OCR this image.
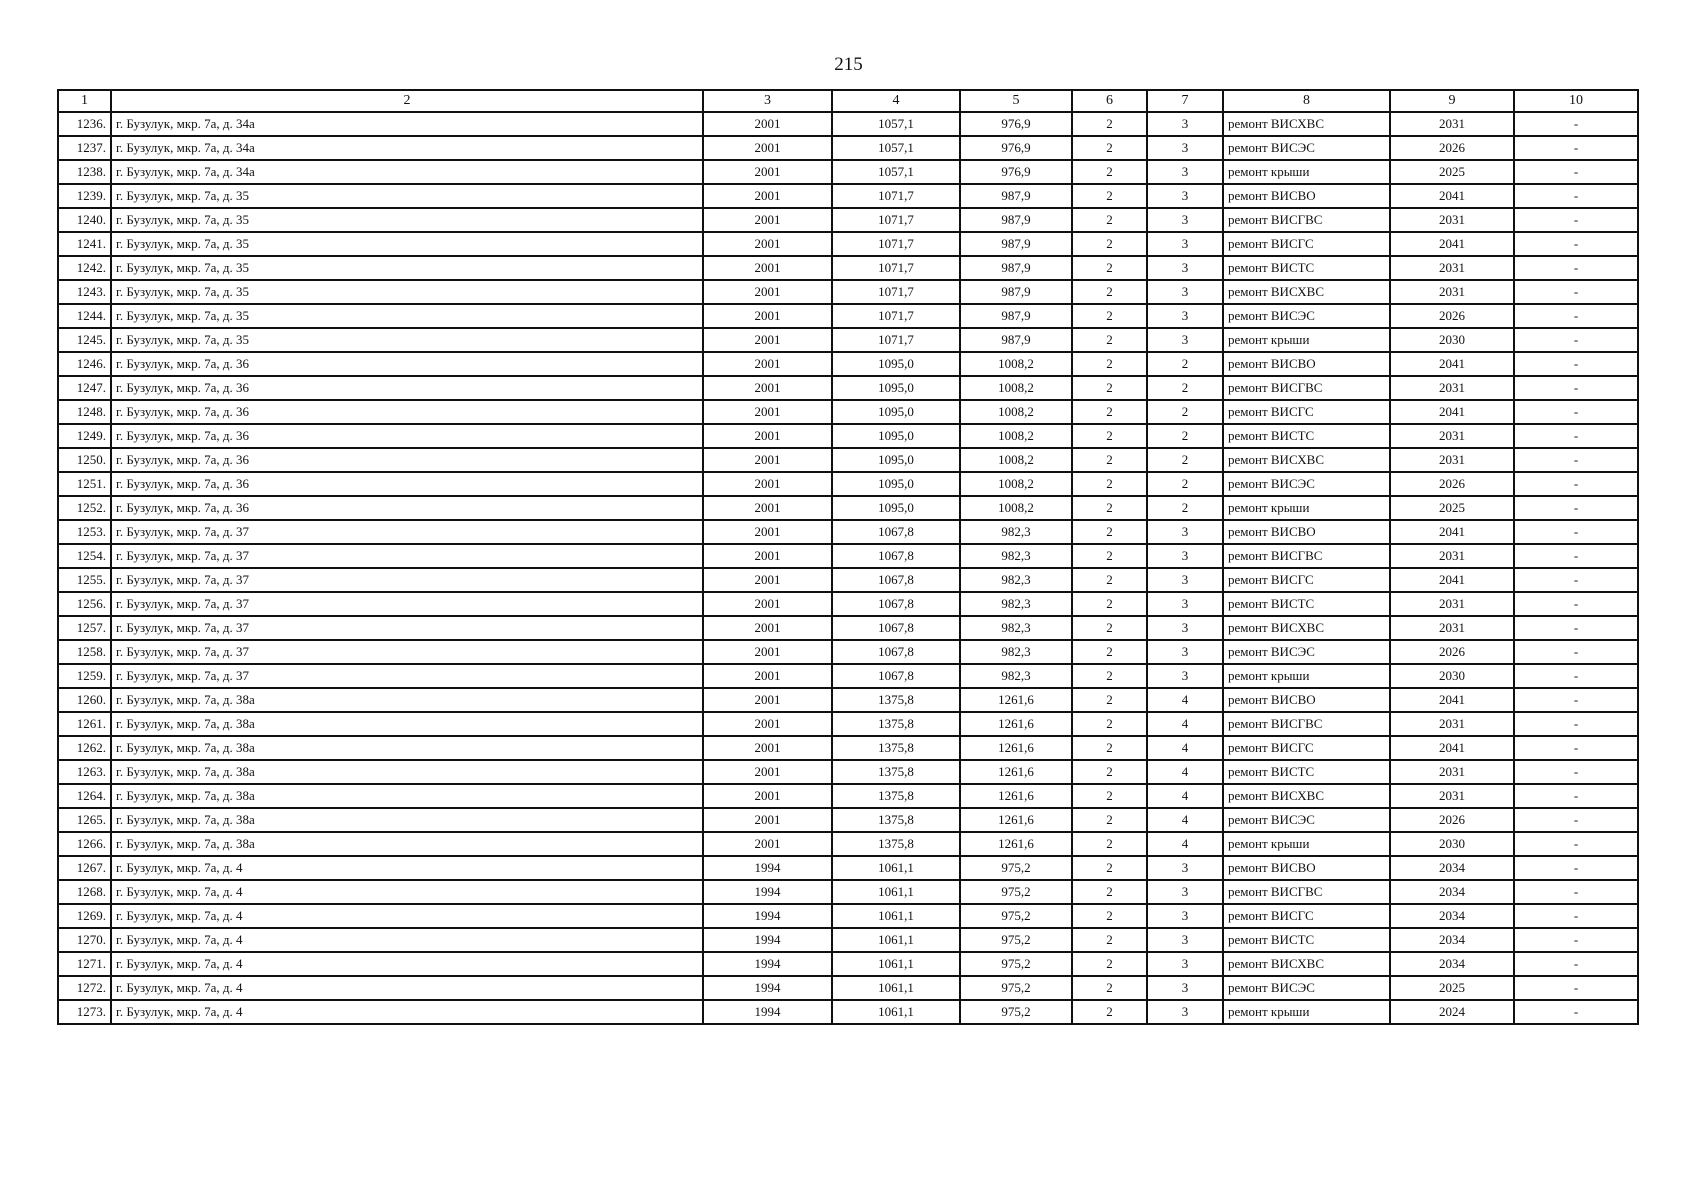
215
1	2	3	4	5	6	7	8	9	10
1236.	г. Бузулук, мкр. 7а, д. 34а	2001	1057,1	976,9	2	3	ремонт ВИСХВС	2031	-
1237.	г. Бузулук, мкр. 7а, д. 34а	2001	1057,1	976,9	2	3	ремонт ВИСЭС	2026	-
1238.	г. Бузулук, мкр. 7а, д. 34а	2001	1057,1	976,9	2	3	ремонт крыши	2025	-
1239.	г. Бузулук, мкр. 7а, д. 35	2001	1071,7	987,9	2	3	ремонт ВИСВО	2041	-
1240.	г. Бузулук, мкр. 7а, д. 35	2001	1071,7	987,9	2	3	ремонт ВИСГВС	2031	-
1241.	г. Бузулук, мкр. 7а, д. 35	2001	1071,7	987,9	2	3	ремонт ВИСГС	2041	-
1242.	г. Бузулук, мкр. 7а, д. 35	2001	1071,7	987,9	2	3	ремонт ВИСТС	2031	-
1243.	г. Бузулук, мкр. 7а, д. 35	2001	1071,7	987,9	2	3	ремонт ВИСХВС	2031	-
1244.	г. Бузулук, мкр. 7а, д. 35	2001	1071,7	987,9	2	3	ремонт ВИСЭС	2026	-
1245.	г. Бузулук, мкр. 7а, д. 35	2001	1071,7	987,9	2	3	ремонт крыши	2030	-
1246.	г. Бузулук, мкр. 7а, д. 36	2001	1095,0	1008,2	2	2	ремонт ВИСВО	2041	-
1247.	г. Бузулук, мкр. 7а, д. 36	2001	1095,0	1008,2	2	2	ремонт ВИСГВС	2031	-
1248.	г. Бузулук, мкр. 7а, д. 36	2001	1095,0	1008,2	2	2	ремонт ВИСГС	2041	-
1249.	г. Бузулук, мкр. 7а, д. 36	2001	1095,0	1008,2	2	2	ремонт ВИСТС	2031	-
1250.	г. Бузулук, мкр. 7а, д. 36	2001	1095,0	1008,2	2	2	ремонт ВИСХВС	2031	-
1251.	г. Бузулук, мкр. 7а, д. 36	2001	1095,0	1008,2	2	2	ремонт ВИСЭС	2026	-
1252.	г. Бузулук, мкр. 7а, д. 36	2001	1095,0	1008,2	2	2	ремонт крыши	2025	-
1253.	г. Бузулук, мкр. 7а, д. 37	2001	1067,8	982,3	2	3	ремонт ВИСВО	2041	-
1254.	г. Бузулук, мкр. 7а, д. 37	2001	1067,8	982,3	2	3	ремонт ВИСГВС	2031	-
1255.	г. Бузулук, мкр. 7а, д. 37	2001	1067,8	982,3	2	3	ремонт ВИСГС	2041	-
1256.	г. Бузулук, мкр. 7а, д. 37	2001	1067,8	982,3	2	3	ремонт ВИСТС	2031	-
1257.	г. Бузулук, мкр. 7а, д. 37	2001	1067,8	982,3	2	3	ремонт ВИСХВС	2031	-
1258.	г. Бузулук, мкр. 7а, д. 37	2001	1067,8	982,3	2	3	ремонт ВИСЭС	2026	-
1259.	г. Бузулук, мкр. 7а, д. 37	2001	1067,8	982,3	2	3	ремонт крыши	2030	-
1260.	г. Бузулук, мкр. 7а, д. 38а	2001	1375,8	1261,6	2	4	ремонт ВИСВО	2041	-
1261.	г. Бузулук, мкр. 7а, д. 38а	2001	1375,8	1261,6	2	4	ремонт ВИСГВС	2031	-
1262.	г. Бузулук, мкр. 7а, д. 38а	2001	1375,8	1261,6	2	4	ремонт ВИСГС	2041	-
1263.	г. Бузулук, мкр. 7а, д. 38а	2001	1375,8	1261,6	2	4	ремонт ВИСТС	2031	-
1264.	г. Бузулук, мкр. 7а, д. 38а	2001	1375,8	1261,6	2	4	ремонт ВИСХВС	2031	-
1265.	г. Бузулук, мкр. 7а, д. 38а	2001	1375,8	1261,6	2	4	ремонт ВИСЭС	2026	-
1266.	г. Бузулук, мкр. 7а, д. 38а	2001	1375,8	1261,6	2	4	ремонт крыши	2030	-
1267.	г. Бузулук, мкр. 7а, д. 4	1994	1061,1	975,2	2	3	ремонт ВИСВО	2034	-
1268.	г. Бузулук, мкр. 7а, д. 4	1994	1061,1	975,2	2	3	ремонт ВИСГВС	2034	-
1269.	г. Бузулук, мкр. 7а, д. 4	1994	1061,1	975,2	2	3	ремонт ВИСГС	2034	-
1270.	г. Бузулук, мкр. 7а, д. 4	1994	1061,1	975,2	2	3	ремонт ВИСТС	2034	-
1271.	г. Бузулук, мкр. 7а, д. 4	1994	1061,1	975,2	2	3	ремонт ВИСХВС	2034	-
1272.	г. Бузулук, мкр. 7а, д. 4	1994	1061,1	975,2	2	3	ремонт ВИСЭС	2025	-
1273.	г. Бузулук, мкр. 7а, д. 4	1994	1061,1	975,2	2	3	ремонт крыши	2024	-
